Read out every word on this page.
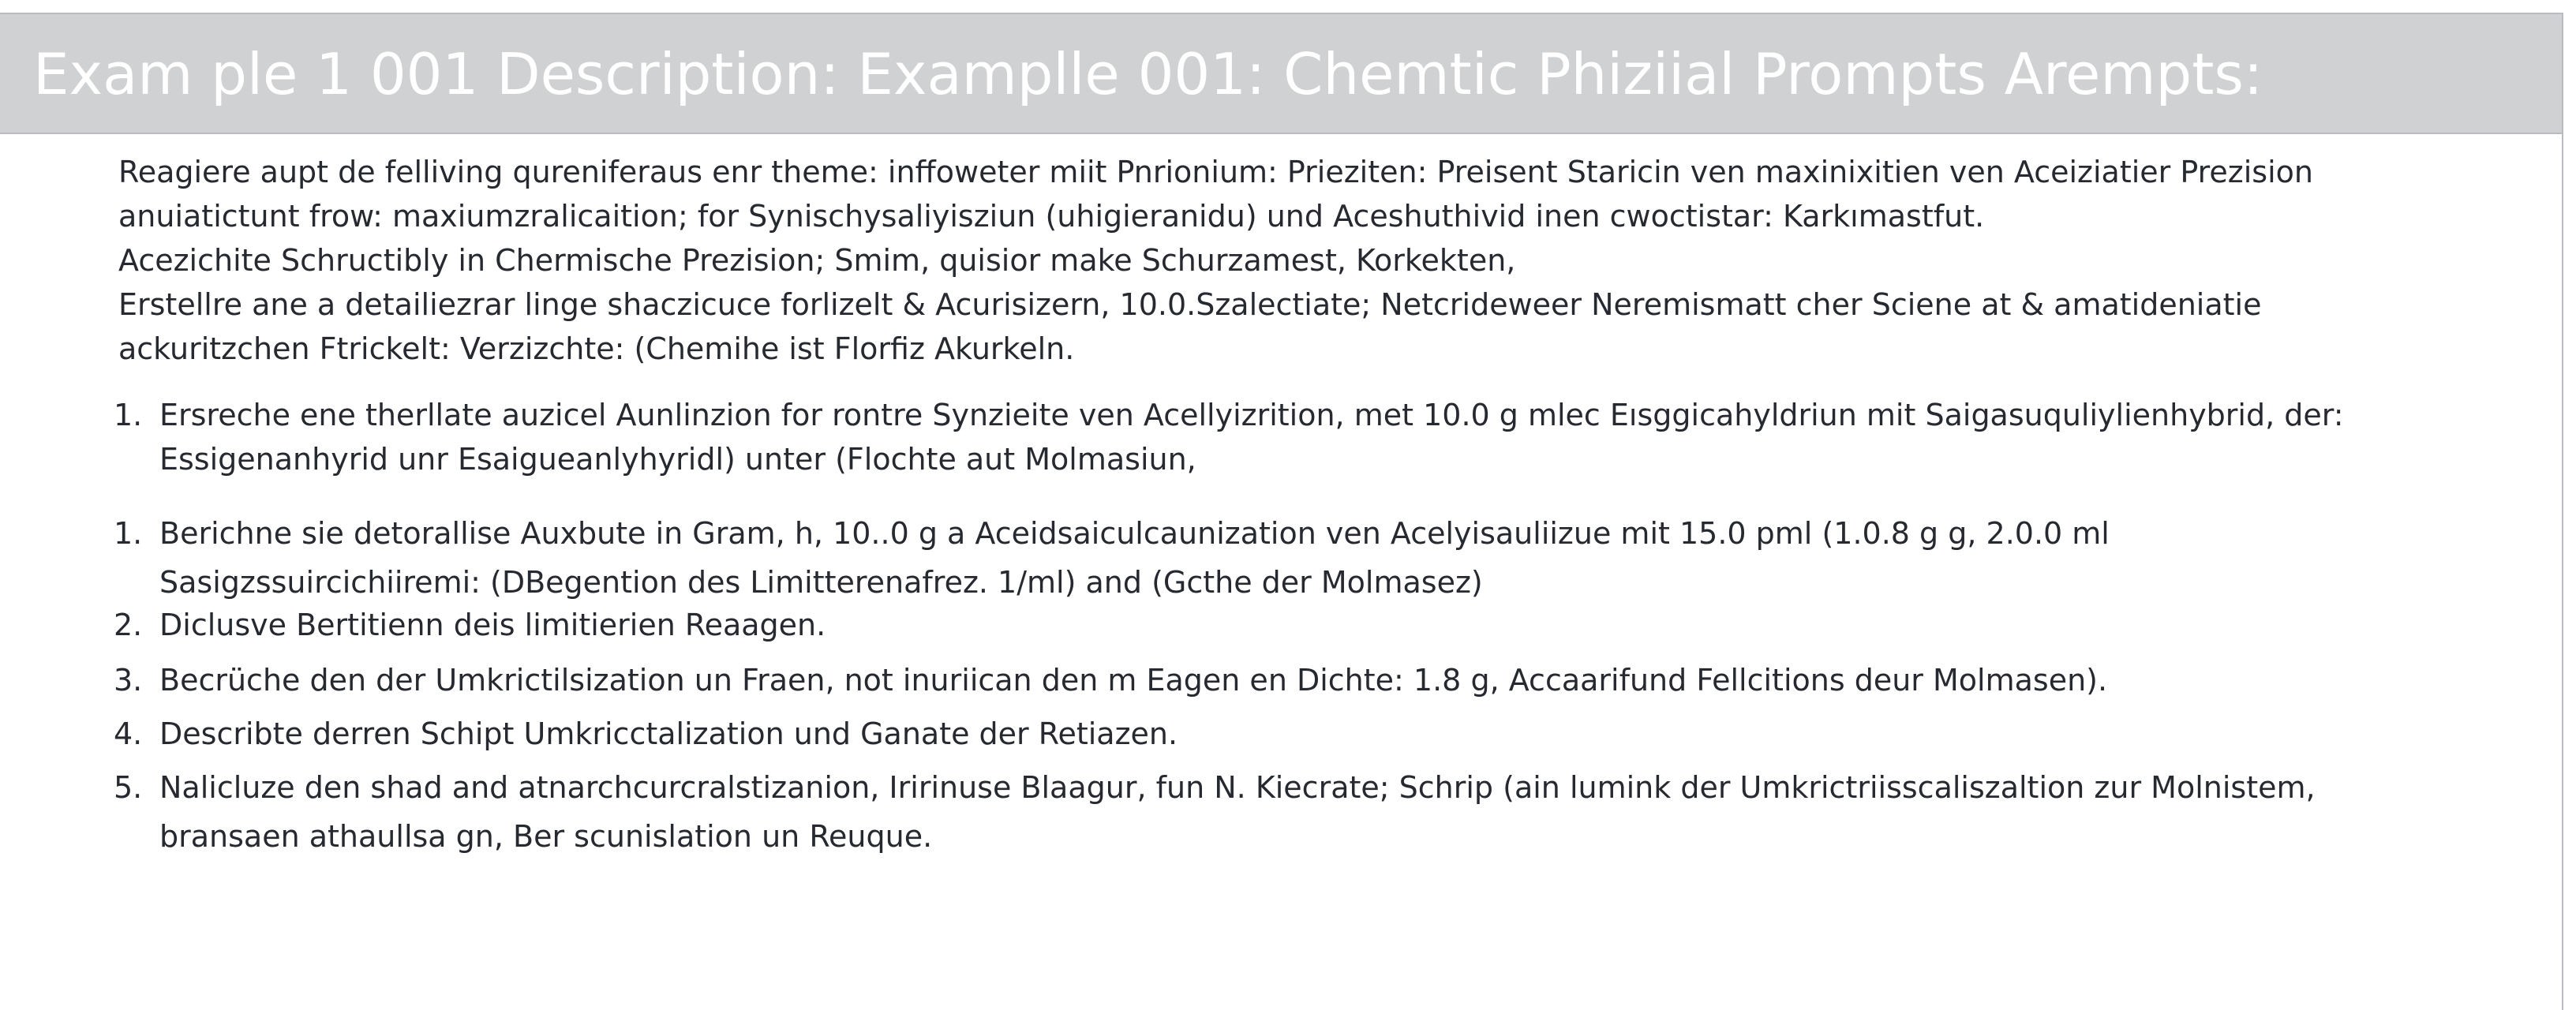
Exam ple 1 001 Description: Examplle 001: Chemtic Phiziial Prompts Arempts:

Reagiere aupt de felliving qureniferaus enr theme: inffoweter miit Pnrionium: Prieziten: Preisent Staricin ven maxinixitien ven Aceiziatier Prezision

anuiatictunt frow: maxiumzralicaition; for Synischysaliyisziun (uhigieranidu) und Aceshuthivid inen cwoctistar: Karkımastfut.

Acezichite Schructibly in Chermische Prezision; Smim, quisior make Schurzamest, Korkekten,

Erstellre ane a detailiezrar linge shaczicuce forlizelt & Acurisizern, 10.0.Szalectiate; Netcrideweer Neremismatt cher Sciene at & amatideniatie

ackuritzchen Ftrickelt: Verzizchte: (Chemihe ist Florfiz Akurkeln.

1. Ersreche ene therllate auzicel Aunlinzion for rontre Synzieite ven Acellyizrition, met 10.0 g mlec Eısggicahyldriun mit Saigasuquliylienhybrid, der:
Essigenanhyrid unr Esaigueanlyhyridl) unter (Flochte aut Molmasiun,
1. Berichne sie detorallise Auxbute in Gram, h, 10..0 g a Aceidsaiculcaunization ven Acelyisauliizue mit 15.0 pml (1.0.8 g g, 2.0.0 ml
Sasigzssuircichiiremi: (DBegention des Limitterenafrez. 1/ml) and (Gcthe der Molmasez)
2. Diclusve Bertitienn deis limitierien Reaagen.
3. Becrüche den der Umkrictilsization un Fraen, not inuriican den m Eagen en Dichte: 1.8 g, Accaarifund Fellcitions deur Molmasen).
4. Describte derren Schipt Umkricctalization und Ganate der Retiazen.
5. Nalicluze den shad and atnarchcurcralstizanion, Iririnuse Blaagur, fun N. Kiecrate; Schrip (ain lumink der Umkrictriisscaliszaltion zur Molnistem,
bransaen athaullsa gn, Ber scunislation un Reuque.
